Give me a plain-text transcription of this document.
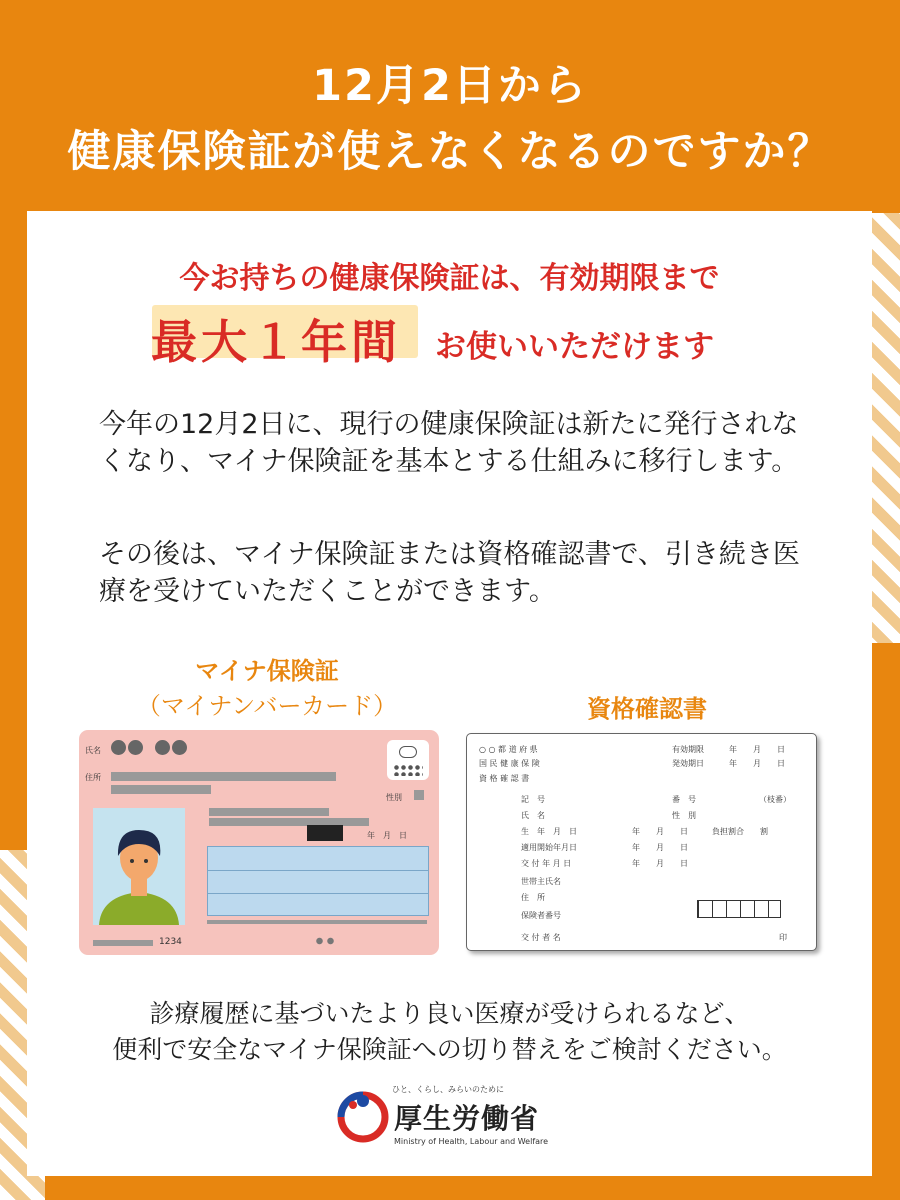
12月2日から
健康保険証が使えなくなるのですか？
今お持ちの健康保険証は、有効期限まで
最大１年間 お使いいただけます
今年の12月2日に、現行の健康保険証は新たに発行されなくなり、マイナ保険証を基本とする仕組みに移行します。
その後は、マイナ保険証または資格確認書で、引き続き医療を受けていただくことができます。
マイナ保険証
（マイナンバーカード）	資格確認書
氏名
住所
性別
年　月　日
1234
○ ○ 都 道 府 県	有効期限	年　　月　　日
国 民 健 康 保 険	発効期日	年　　月　　日
資 格 確 認 書
記　号	番　号	（枝番）
氏　名	性　別
生　年　月　日	年　　月　　日	負担割合　　割
適用開始年月日	年　　月　　日
交 付 年 月 日	年　　月　　日
世帯主氏名
住　所
保険者番号
交 付 者 名	印
診療履歴に基づいたより良い医療が受けられるなど、
便利で安全なマイナ保険証への切り替えをご検討ください。
ひと、くらし、みらいのために
厚生労働省
Ministry of Health, Labour and Welfare
